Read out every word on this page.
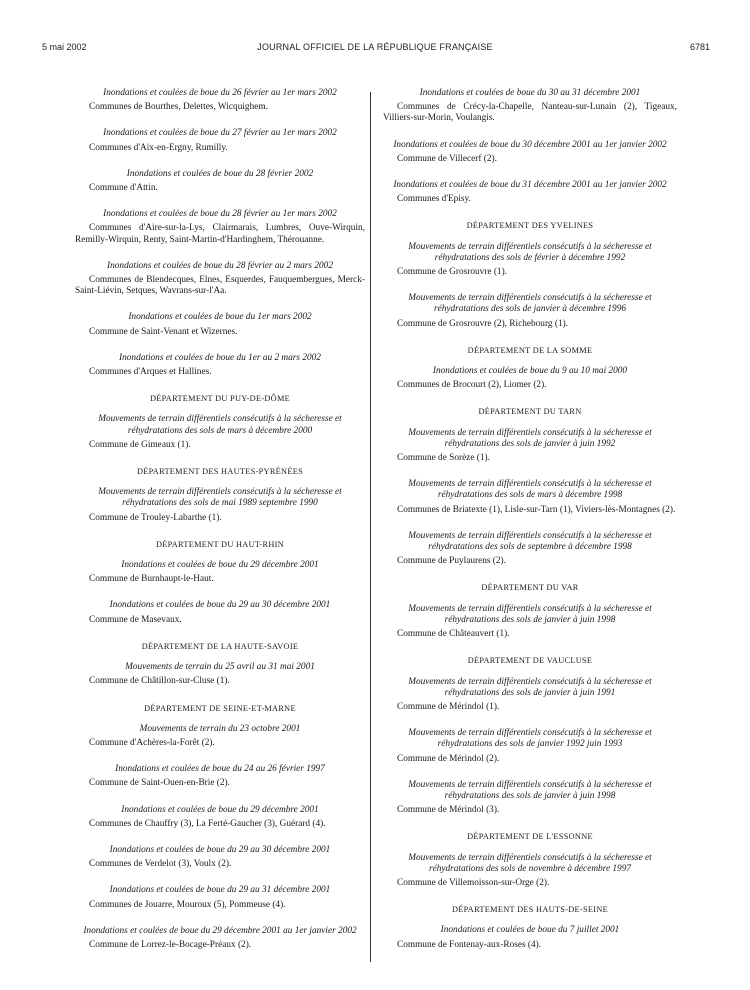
5 mai 2002	JOURNAL OFFICIEL DE LA RÉPUBLIQUE FRANÇAISE	6781
Inondations et coulées de boue du 26 février au 1er mars 2002
Communes de Bourthes, Delettes, Wicquighem.
Inondations et coulées de boue du 27 février au 1er mars 2002
Communes d'Aix-en-Ergny, Rumilly.
Inondations et coulées de boue du 28 février 2002
Commune d'Attin.
Inondations et coulées de boue du 28 février au 1er mars 2002
Communes d'Aire-sur-la-Lys, Clairmarais, Lumbres, Ouve-Wirquin, Remilly-Wirquin, Renty, Saint-Martin-d'Hardinghem, Thérouanne.
Inondations et coulées de boue du 28 février au 2 mars 2002
Communes de Blendecques, Elnes, Esquerdes, Fauquembergues, Merck-Saint-Liévin, Setques, Wavrans-sur-l'Aa.
Inondations et coulées de boue du 1er mars 2002
Commune de Saint-Venant et Wizernes.
Inondations et coulées de boue du 1er au 2 mars 2002
Communes d'Arques et Hallines.
DÉPARTEMENT DU PUY-DE-DÔME
Mouvements de terrain différentiels consécutifs à la sécheresse et réhydratations des sols de mars à décembre 2000
Commune de Gimeaux (1).
DÉPARTEMENT DES HAUTES-PYRÉNÉES
Mouvements de terrain différentiels consécutifs à la sécheresse et réhydratations des sols de mai 1989 septembre 1990
Commune de Trouley-Labarthe (1).
DÉPARTEMENT DU HAUT-RHIN
Inondations et coulées de boue du 29 décembre 2001
Commune de Burnhaupt-le-Haut.
Inondations et coulées de boue du 29 au 30 décembre 2001
Commune de Masevaux.
DÉPARTEMENT DE LA HAUTE-SAVOIE
Mouvements de terrain du 25 avril au 31 mai 2001
Commune de Châtillon-sur-Cluse (1).
DÉPARTEMENT DE SEINE-ET-MARNE
Mouvements de terrain du 23 octobre 2001
Commune d'Achères-la-Forêt (2).
Inondations et coulées de boue du 24 au 26 février 1997
Commune de Saint-Ouen-en-Brie (2).
Inondations et coulées de boue du 29 décembre 2001
Communes de Chauffry (3), La Ferté-Gaucher (3), Guérard (4).
Inondations et coulées de boue du 29 au 30 décembre 2001
Communes de Verdelot (3), Voulx (2).
Inondations et coulées de boue du 29 au 31 décembre 2001
Communes de Jouarre, Mouroux (5), Pommeuse (4).
Inondations et coulées de boue du 29 décembre 2001 au 1er janvier 2002
Commune de Lorrez-le-Bocage-Préaux (2).
Inondations et coulées de boue du 30 au 31 décembre 2001
Communes de Crécy-la-Chapelle, Nanteau-sur-Lunain (2), Tigeaux, Villiers-sur-Morin, Voulangis.
Inondations et coulées de boue du 30 décembre 2001 au 1er janvier 2002
Commune de Villecerf (2).
Inondations et coulées de boue du 31 décembre 2001 au 1er janvier 2002
Communes d'Episy.
DÉPARTEMENT DES YVELINES
Mouvements de terrain différentiels consécutifs à la sécheresse et réhydratations des sols de février à décembre 1992
Commune de Grosrouvre (1).
Mouvements de terrain différentiels consécutifs à la sécheresse et réhydratations des sols de janvier à décembre 1996
Commune de Grosrouvre (2), Richebourg (1).
DÉPARTEMENT DE LA SOMME
Inondations et coulées de boue du 9 au 10 mai 2000
Communes de Brocourt (2), Liomer (2).
DÉPARTEMENT DU TARN
Mouvements de terrain différentiels consécutifs à la sécheresse et réhydratations des sols de janvier à juin 1992
Commune de Sorèze (1).
Mouvements de terrain différentiels consécutifs à la sécheresse et réhydratations des sols de mars à décembre 1998
Communes de Briatexte (1), Lisle-sur-Tarn (1), Viviers-lès-Montagnes (2).
Mouvements de terrain différentiels consécutifs à la sécheresse et réhydratations des sols de septembre à décembre 1998
Commune de Puylaurens (2).
DÉPARTEMENT DU VAR
Mouvements de terrain différentiels consécutifs à la sécheresse et réhydratations des sols de janvier à juin 1998
Commune de Châteauvert (1).
DÉPARTEMENT DE VAUCLUSE
Mouvements de terrain différentiels consécutifs à la sécheresse et réhydratations des sols de janvier à juin 1991
Commune de Mérindol (1).
Mouvements de terrain différentiels consécutifs à la sécheresse et réhydratations des sols de janvier 1992 juin 1993
Commune de Mérindol (2).
Mouvements de terrain différentiels consécutifs à la sécheresse et réhydratations des sols de janvier à juin 1998
Commune de Mérindol (3).
DÉPARTEMENT DE L'ESSONNE
Mouvements de terrain différentiels consécutifs à la sécheresse et réhydratations des sols de novembre à décembre 1997
Commune de Villemoisson-sur-Orge (2).
DÉPARTEMENT DES HAUTS-DE-SEINE
Inondations et coulées de boue du 7 juillet 2001
Commune de Fontenay-aux-Roses (4).
